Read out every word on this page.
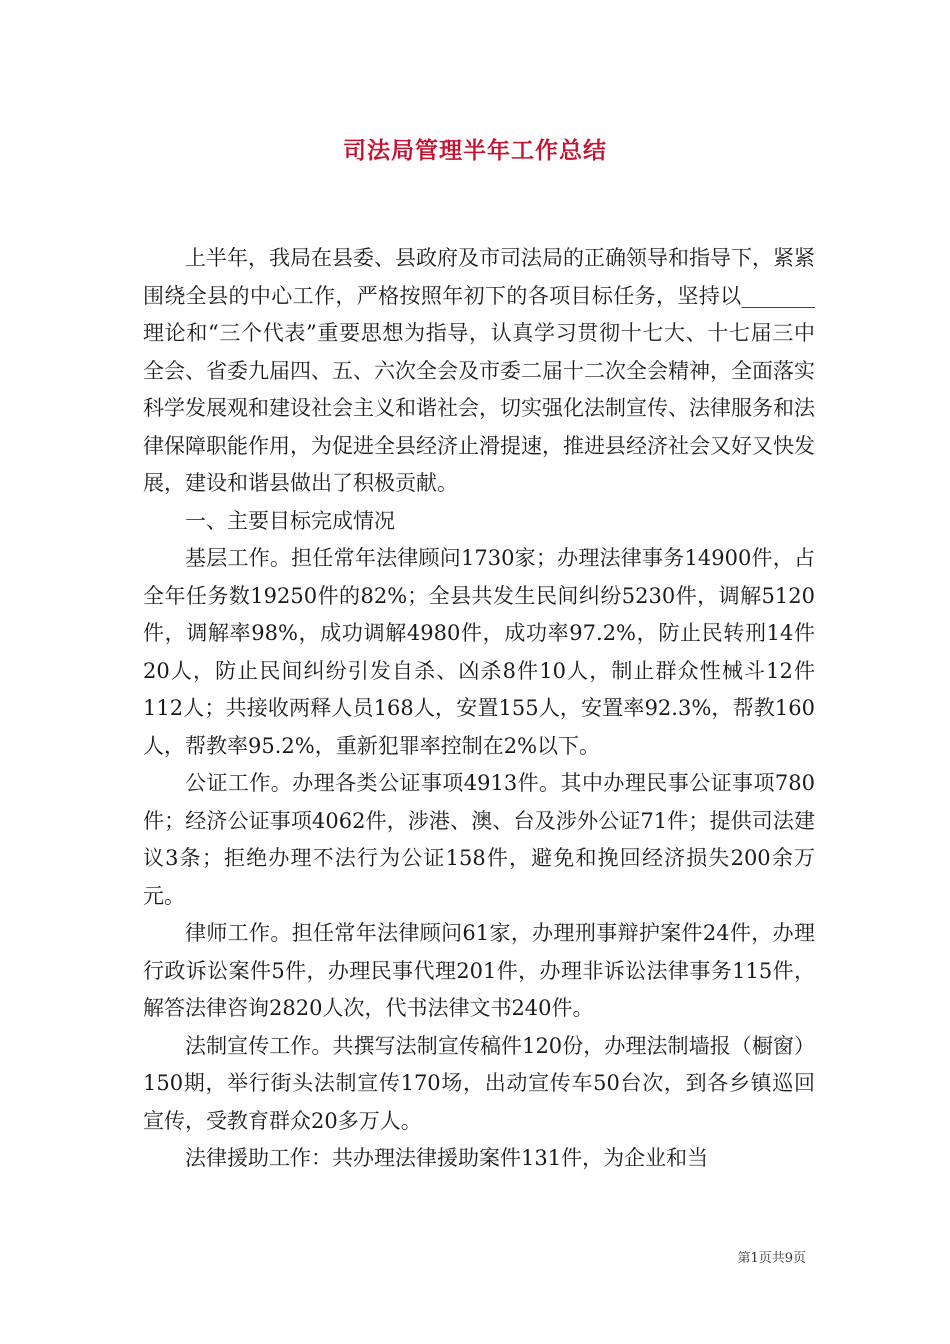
司法局管理半年工作总结

上半年，我局在县委、县政府及市司法局的正确领导和指导下，紧紧围绕全县的中心工作，严格按照年初下的各项目标任务，坚持以_______理论和“三个代表”重要思想为指导，认真学习贯彻十七大、十七届三中全会、省委九届四、五、六次全会及市委二届十二次全会精神，全面落实科学发展观和建设社会主义和谐社会，切实强化法制宣传、法律服务和法律保障职能作用，为促进全县经济止滑提速，推进县经济社会又好又快发展，建设和谐县做出了积极贡献。

一、主要目标完成情况

基层工作。担任常年法律顾问1730家；办理法律事务14900件，占全年任务数19250件的82%；全县共发生民间纠纷5230件，调解5120件，调解率98%，成功调解4980件，成功率97.2%，防止民转刑14件20人，防止民间纠纷引发自杀、凶杀8件10人，制止群众性械斗12件112人；共接收两释人员168人，安置155人，安置率92.3%，帮教160人，帮教率95.2%，重新犯罪率控制在2%以下。

公证工作。办理各类公证事项4913件。其中办理民事公证事项780件；经济公证事项4062件，涉港、澳、台及涉外公证71件；提供司法建议3条；拒绝办理不法行为公证158件，避免和挽回经济损失200余万元。

律师工作。担任常年法律顾问61家，办理刑事辩护案件24件，办理行政诉讼案件5件，办理民事代理201件，办理非诉讼法律事务115件，解答法律咨询2820人次，代书法律文书240件。

法制宣传工作。共撰写法制宣传稿件120份，办理法制墙报（橱窗）150期，举行街头法制宣传170场，出动宣传车50台次，到各乡镇巡回宣传，受教育群众20多万人。

法律援助工作：共办理法律援助案件131件，为企业和当

第1页共9页
